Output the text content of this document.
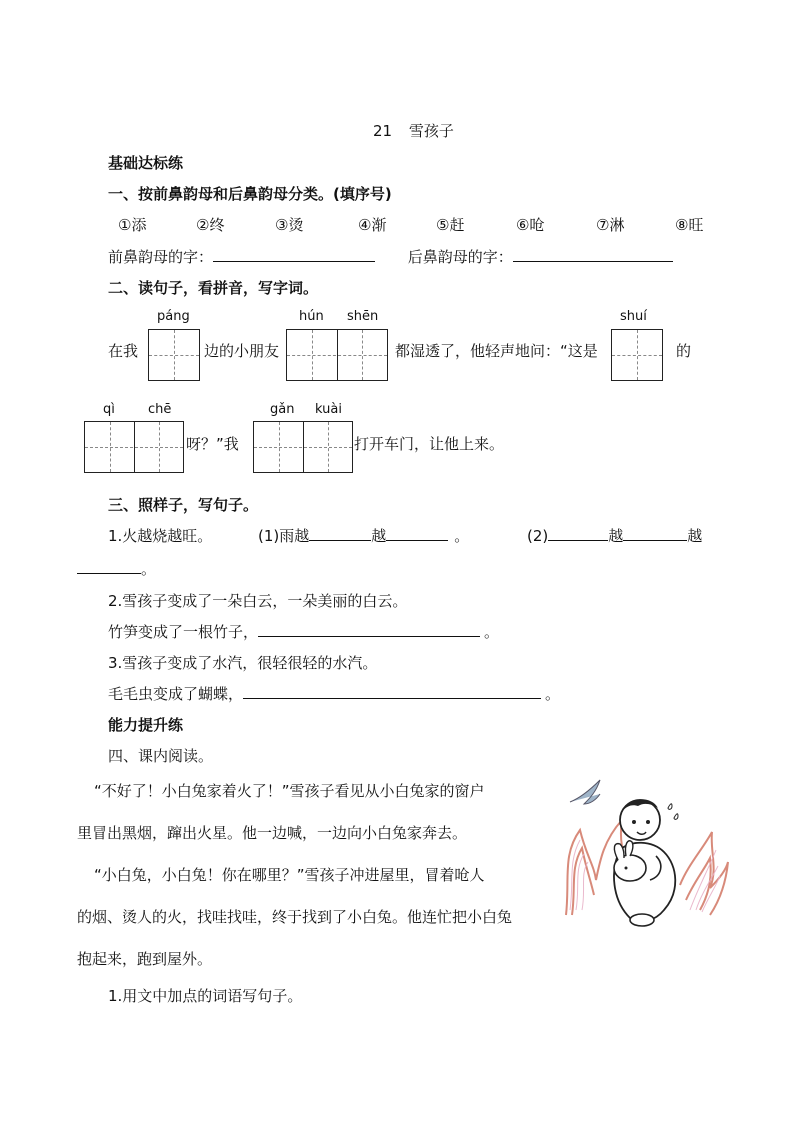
21 雪孩子
基础达标练
一、按前鼻韵母和后鼻韵母分类。(填序号)
①添	②终	③烫	④渐	⑤赶	⑥呛	⑦淋	⑧旺
前鼻韵母的字：	后鼻韵母的字：
二、读句子，看拼音，写字词。
páng	hún shēn	shuí
在我	边的小朋友	都湿透了，他轻声地问：“这是	的
qì	chē	gǎn kuài
呀？”我	打开车门，让他上来。
三、照样子，写句子。
1.火越烧越旺。	(1)雨越	越	。	(2)	越	越
。
2.雪孩子变成了一朵白云，一朵美丽的白云。
竹笋变成了一根竹子，	。
3.雪孩子变成了水汽，很轻很轻的水汽。
毛毛虫变成了蝴蝶，	。
能力提升练
四、课内阅读。
“不好了！小白兔家着火了！”雪孩子看见从小白兔家的窗户
里冒出黑烟，蹿出火星。他一边喊，一边向小白兔家奔去。
“小白兔，小白兔！你在哪里？”雪孩子冲进屋里，冒着呛人
的烟、烫人的火，找哇找哇，终于找到了小白兔。他连忙把小白兔
抱起来，跑到屋外。
1.用文中加点的词语写句子。
